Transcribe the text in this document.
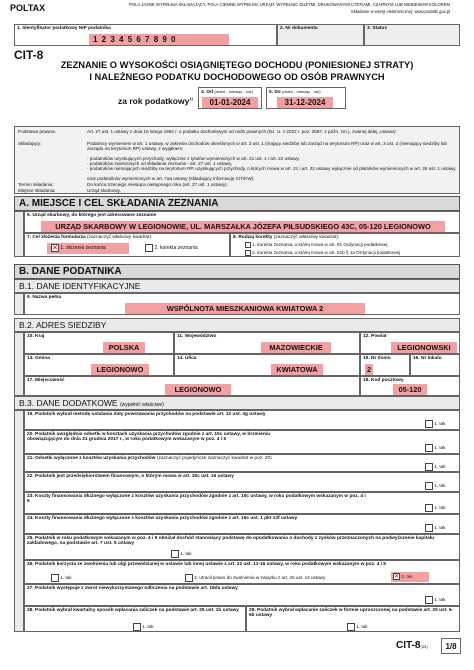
POLTAX	POLA JASNE WYPEŁNIA SKŁADAJĄCY, POLA CIEMNE WYPEŁNIA URZĄD. WYPEŁNIĆ DUŻYMI, DRUKOWANYMI LITERAMI, CZARNYM LUB NIEBIESKIM KOLOREM
Składanie w wersji elektronicznej: www.podatki.gov.pl
1. Identyfikator podatkowy NIP podatnika
1 2 3 4 5 6 7 8 9 0
2. Nr dokumentu	3. Status
CIT-8
ZEZNANIE O WYSOKOŚCI OSIĄGNIĘTEGO DOCHODU (PONIESIONEJ STRATY)
I NALEŻNEGO PODATKU DOCHODOWEGO OD OSÓB PRAWNYCH
za rok podatkowy$^{1)}$
4. Od (dzień - miesiąc - rok)
01-01-2024
5. Do (dzień - miesiąc - rok)
31-12-2024
Podstawa prawna:	Art. 27 ust. 1 ustawy z dnia 15 lutego 1992 r. o podatku dochodowym od osób prawnych (Dz. U. z 2022 r. poz. 2587, z późn. zm.), zwanej dalej „ustawą”.
Składający:	Podatnicy wymienieni w art. 1 ustawy, w zakresie dochodów określonych w art. 3 ust. 1 (mający siedzibę lub zarząd na terytorium RP) oraz w art. 3 ust. 2 (niemający siedziby lub zarządu na terytorium RP) ustawy, z wyjątkiem:
- podatników uzyskujących przychody, wyłącznie z tytułów wymienionych w art. 21 ust. 1 i art. 22 ustawy,
- podatników zwolnionych od składania zeznania - art. 27 ust. 1 ustawy,
- podatników niemających siedziby na terytorium RP, uzyskujących przychody, o których mowa w art. 21 i art. 22 ustawy wyłącznie od płatników wymienionych w art. 26 ust. 1 ustawy
oraz podatników wymienionych w art. 7aa ustawy (składający informację CIT/KW).
Termin składania:	Do końca trzeciego miesiąca następnego roku (art. 27 ust. 1 ustawy).
Miejsce składania:	Urząd skarbowy.
A. MIEJSCE I CEL SKŁADANIA ZEZNANIA
6. Urząd skarbowy, do którego jest adresowane zeznanie
URZĄD SKARBOWY W LEGIONOWIE, UL. MARSZAŁKA JÓZEFA PIŁSUDSKIEGO 43C, 05-120 LEGIONOWO
7. Cel złożenia formularza (zaznaczyć właściwy kwadrat):
✕ 1. złożenie zeznania	2. korekta zeznania
8. Rodzaj korekty (zaznaczyć właściwy kwadrat):
1. korekta zeznania, o której mowa w art. 81 Ordynacji podatkowej
2. korekta zeznania, o której mowa w art. 81b § 1a Ordynacji podatkowej
B. DANE PODATNIKA
B.1. DANE IDENTYFIKACYJNE
9. Nazwa pełna
WSPÓLNOTA MIESZKANIOWA KWIATOWA 2
B.2. ADRES SIEDZIBY
10. Kraj
POLSKA
11. Województwo
MAZOWIECKIE
12. Powiat
LEGIONOWSKI
13. Gmina
LEGIONOWO
14. Ulica
KWIATOWA
15. Nr domu
2
16. Nr lokalu
17. Miejscowość
LEGIONOWO
18. Kod pocztowy
05-120
B.3. DANE DODATKOWE (wypełnić właściwe)
19. Podatnik wybrał metodę ustalania daty powstawania przychodów na podstawie art. 12 ust. 3g ustawy
1. tak
20. Podatnik uwzględnia odsetki w kosztach uzyskania przychodów zgodnie z art. 15c ustawy, w brzmieniu obowiązującym do dnia 31 grudnia 2017 r., w roku podatkowym wskazanym w poz. 4 i 5
1. tak
21. Odsetki wyłączone z kosztów uzyskania przychodów (zaznaczyć pojedyńcze zaznaczyć kwadrat w poz. 20)
1. tak
22. Podatnik jest przedsiębiorstwem finansowym, o którym mowa w art. 15c ust. 16 ustawy
1. tak
23. Koszty finansowania dłużnego wyłączone z kosztów uzyskania przychodów zgodnie z art. 15c ustawy, w roku podatkowym wskazanym w poz. 4 i 5
1. tak
24. Koszty finansowania dłużnego wyłączone z kosztów uzyskania przychodów zgodnie z art. 15c ust. 1 pkt 13f ustawy
1. tak
25. Podatnik w roku podatkowym wskazanym w poz. 4 i 5 obniżał dochód stanowiący podstawę do opodatkowania o dochody z zysków przeznaczonych na podwyższenie kapitału zakładowego, na podstawie art. 7 ust. 5 ustawy
1. tak
26. Podatnik korzysta ze zwolnienia lub ulgi przewidzianej w ustawie lub innej ustawie z art. 22 ust. 11-16 ustawy, w roku podatkowym wskazanym w poz. 4 i 5
1. tak	2. utracił prawo do zwolnienia w związku z art. 25 ust. 14 ustawy	✕ 3. nie
27. Podatnik występuje z zwrot niewykorzystanego odliczenia na podstawie art. 18da ustawy
1. tak
28. Podatnik wybrał kwartalny sposób wpłacania zaliczek na podstawie art. 25 ust. 1b ustawy
1. tak
29. Podatnik wybrał wpłacanie zaliczek w formie uproszczonej na podstawie art. 25 ust. 6-6b ustawy
1. tak
CIT-8(33)	1/8
